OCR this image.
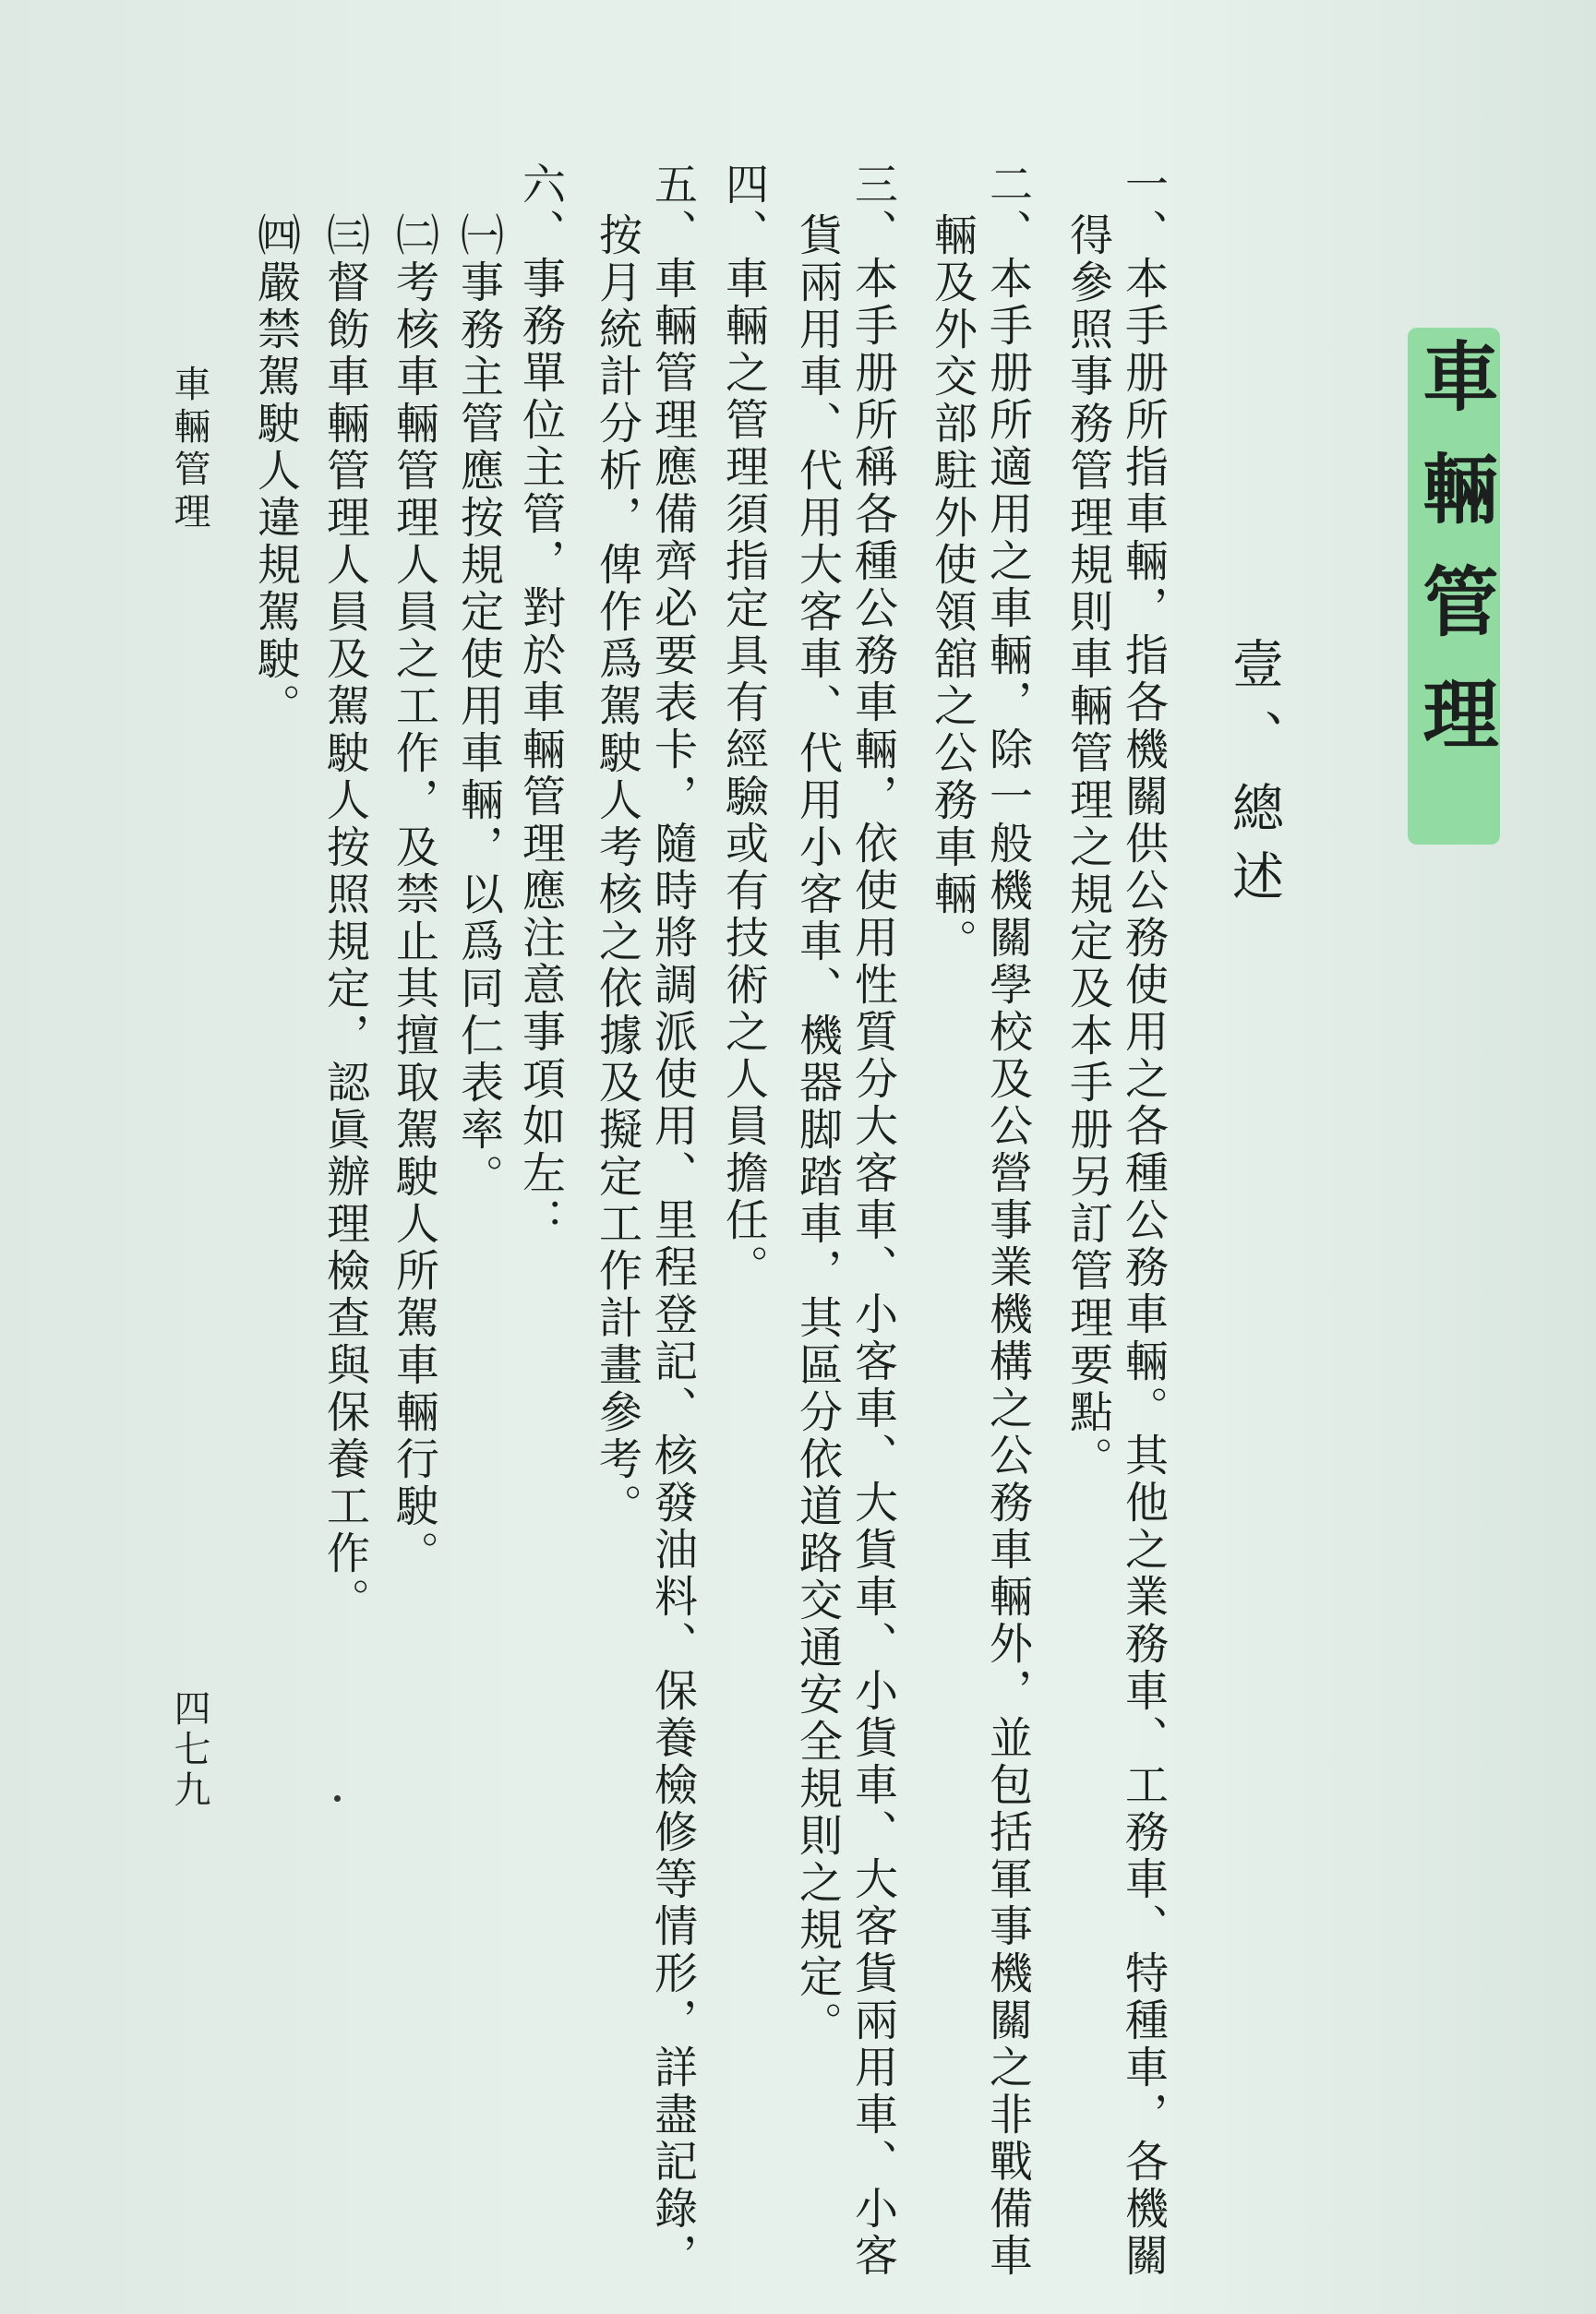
車輛管理
壹、總
述
一、本手册所指車輛，指各機關供公務使用之各種公務車輛。其他之業務車、工務車、特種車，各機關
得參照事務管理規則車輛管理之規定及本手册另訂管理要點。
二、本手册所適用之車輛，除一般機關學校及公營事業機構之公務車輛外，並包括軍事機關之非戰備車
輛及外交部駐外使領舘之公務車輛。
三、本手册所稱各種公務車輛，依使用性質分大客車、小客車、大貨車、小貨車、大客貨兩用車、小客
貨兩用車、代用大客車、代用小客車、機器脚踏車，其區分依道路交通安全規則之規定。
四、車輛之管理須指定具有經驗或有技術之人員擔任。
五、車輛管理應備齊必要表卡，隨時將調派使用、里程登記、核發油料、保養檢修等情形，詳盡記錄，
按月統計分析，俾作爲駕駛人考核之依據及擬定工作計畫參考。
六、事務單位主管，對於車輛管理應注意事項如左：
㈠事務主管應按規定使用車輛，以爲同仁表率。
㈡考核車輛管理人員之工作，及禁止其擅取駕駛人所駕車輛行駛。
㈢督飭車輛管理人員及駕駛人按照規定，認眞辦理檢查與保養工作。
㈣嚴禁駕駛人違規駕駛。
車輛管理
四七九
